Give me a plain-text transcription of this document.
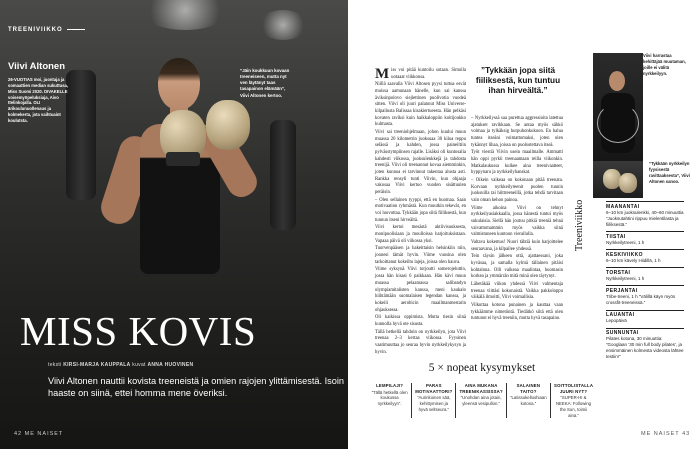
TREENIVIIKKO
Viivi Altonen

26-VUOTIAS moi, juontaja ja somaattien median sukuttusa, Miss Suomi 2020. DIVAKELLE voisemyöpeluksiaja, Aivo ttelinkojalla. OLI ärikoulunuollenaus ja kolmekerta, jota vaihtuaint koulutsta.

”Jäin koukkuun kovaan treeneiseen, mutta nyt ven läytänyt taas tasapainon elämään”, Viivi Altonen kertoo.
MISS KOVIS
teksti KIRSI-MARJA KAUPPALA kuvat ANNA HUOVINEN

Viivi Altonen nauttii kovista treeneistä ja omien rajojen ylittämisestä. Isoin haaste on siinä, ettei homma mene överiksi.

42 ME NAISET

Miss voi pitää kuntoilu sotaan. Simulla uotaaat viikkonsa.

Niillä saavalla Viivi Altosen pyysi tuttua esvät muissa aamunaan hänelle, kun sai kanssa äviksinpolovo siejlettinen puolivotia vuodeä sitten. Viivi oli juuri palannut Miss Universe-kilpailusta Balissaa kisakiertueesta. Hän pelkäsi kovaten raviksi kuin haikkaloppiin koitijoukko kulmasta.

Viivi sai treeniohjelmaan, johon kuului muun muassa 20 kilometrin juoksuaa 30 kiloa reppu selässä ja kahden, jossa paineiltiin pylvässtympiinsen rajalle. Lisäksi oli kuntosalia kahdesti viikossa, juoksulenkkejä ja tahdosta treenijä. Viivi oli treenannut kovaa aiemminkin, joten kunnoa ei tarvinnut takentaa alusta asti. Rankka rensyli tunti Viivin, kun ohjaaja vakosaa Viivi kertoo vuoden sisättuulen peräisin.

– Olen sellainen tyyppi, että en huomaa. Saan motivaation ryhmästä. Kun muutkin tekevät, en voi luovuttaa. Tykkään jopa siitä fiiliksestä, kun tunnun itseni hirveältä.

Viivi kertoi mesästä aktiivisuuksesta, monipuolisiaan ja moulloissa harjoituksistaan. Vapaaa päivä oli viikossa yksi.

Tuorvenpääsen ja hakeittaisin helsinkiin niin, joonesi tämät hyvin. Viime vuosina olen tarkoittanut kokeiltu lajeja, joissa olen hauva.

Viime syksynä Viivi torjoutti somerojeluttin, jossa hän kisasi 6 paikkaan. Hän kävi muun muassa pelaamassa salibandyn olympiamitalisten kanssa, meni kaukalo hiihtämään suomalaisen legendan kanssa, ja kokeili aerobicin maailmanmestarin ohjauksessa.

Oli kaikissa oppimista. Mutta tiesin siinä kunnolla hyvä ote sisusta.

Tällä hetkellä tahdoin on nyrkkeilyn, jota Viivi treenaa 2–3 kertaa viikossa. Fyysinen vaatimuuttaa jo seuraa hyvin nyrkkeilykysyn ja hyvin.

”Tykkään jopa siitä fiiliksestä, kun tuntuu ihan hirveältä.”

– Nyrkkeilyssä saa purettua aggressioita latettua ajatukset ravikkaan. Se antaa myös sähkö voimaa ja tylkäksig hurpuhonkukoon. En halua tuntea itseäni voimattomaksi, joten olen tykännyt lihaa, joissa on puolustettava itseä.

Työt viestiä Viivin usein maailmalle. Ammatti hän oppi pyrkii treenaamaan reilla viikonkin. Matkalaukussa kulkee aina treenivaatteet, hyppynaru ja nyrkkeilyhanskat.

– Oikein vaikeaa on kokonaan pitää treenata. Korvaan nyrkkeilyreenit puolen tunnin juoksuilla tai hiittreeneillä, jotka tehdä tarvitaan vain oman kehon painoa.

Viime aikoina Viivi on tehnyt nyrkkeilyasiakkaalla, jossa hänestä tuntui myös sukulaisia. Siellä hän joutuu pitkiä treeniä tehnä vaivattomammin myös vaikka siinä valmistuneen kuntoon vierailulla.

Valtava kokemus! Nuori tähtiä kuin harjoittelee seuraavana, ja kilpailee yhdessä.

Tein täysin jälkeen ottä, ajattaessani, joka kyväsaa, ja samalla kylmä tällainen pitäisi kohtalona. Olli vaikeaa maalintaa, huomasin korkea ja ymmärrän mitä minä olen täytynyt.

Lähetäkää viikon yhdessä Viivi valmentaja treenaa viittäsi kokonaistä. Vaikka pakkoloppu väikälä ilmoitti, Viivi voimallisia.

Vilkuttaa kotona punainen ja kauttaa vaan tykkäämme nimetöntä. Tiedätkö siitä että olen tuntunut ei hyvä treeniin, mutta hyvä tasapaino.

Viivi harrastaa kehittäjää muutaman, joille ei välitä nyrkkeilyyn.
”Tykkään nyrkkeilyn fyysisestä ravittaaksesta”, Viivi Altonen sanoo.
Treeniviikko	MAANANTAI
6–10 km juoksulenkki, 40–60 minuuttia ”Juoksutahtini rippuu mielentilasta ja fiiliksestä.”
TIISTAI
Nyrkkeilytreeni, 1 h
KESKIVIIKKO
6–10 km kävely Hiidillä, 1 h
TORSTAI
Nyrkkeilytreeni, 1 h
PERJANTAI
Tribe-treeni, 1 h ”Välillä käyn myös crossfit-treeneissä.”
LAUANTAI
Lepopäivä
SUNNUNTAI
Pilates kotona, 30 minuuttia: ”Googlaan ’30 min full body pilates’, ja ensimmäinen kolmesta videosta lähtee testiin!”
5 × nopeat kysymykset
LEMPILAJI?
”Tällä hetkellä olen koukussa nyrkkeilyyn”.
PARAS MOTIVAATTORI?
”Aurinkoinen sää, kehittymisen ja hyvä seltseura.”
AINA MUKANA TREENIKASSISSA?
”Unohdan aina jotain, yleensä vesipullon.”
SALAINEN TAITO?
”Latissukellushiaan kotona.”
SOITTOLISTALLA JUURI NYT?
”SUPER-HI & NEEKA: Following the Sun, toimii aina.”
ME NAISET 43
